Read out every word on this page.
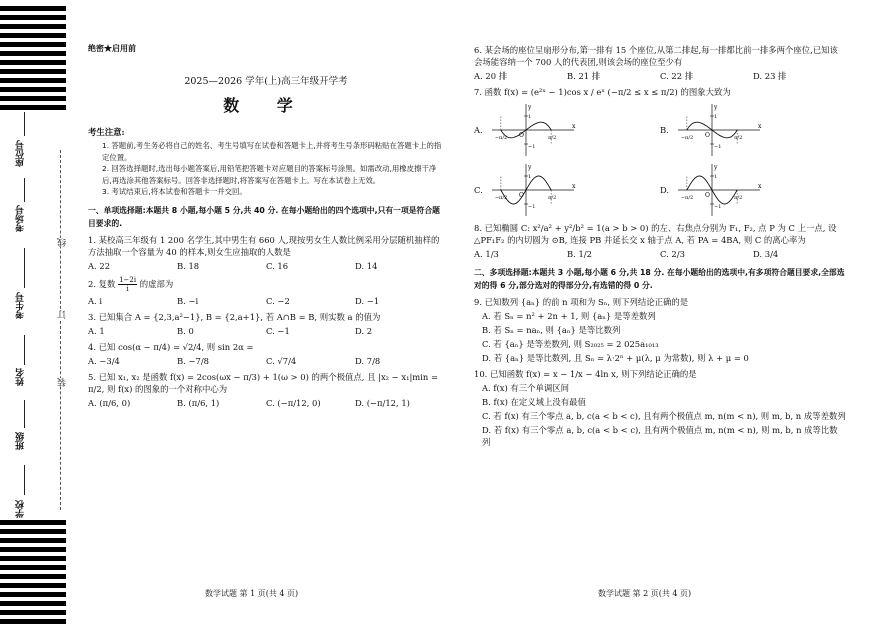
座位号
考场号
考生号
姓名
班级
学校
线
订
装
绝密★启用前
2025—2026 学年(上)高三年级开学考
数 学
考生注意:
1. 答题前,考生务必将自己的姓名、考生号填写在试卷和答题卡上,并将考生号条形码粘贴在答题卡上的指定位置。
2. 回答选择题时,选出每小题答案后,用铅笔把答题卡对应题目的答案标号涂黑。如需改动,用橡皮擦干净后,再选涂其他答案标号。回答非选择题时,将答案写在答题卡上。写在本试卷上无效。
3. 考试结束后,将本试卷和答题卡一并交回。
一、单项选择题:本题共 8 小题,每小题 5 分,共 40 分. 在每小题给出的四个选项中,只有一项是符合题目要求的.
1. 某校高三年级有 1 200 名学生,其中男生有 660 人,现按男女生人数比例采用分层随机抽样的方法抽取一个容量为 40 的样本,则女生应抽取的人数是
A. 22	B. 18	C. 16	D. 14
2. 复数 $\frac{1-2i}{i}$ 的虚部为
A. i	B. −i	C. −2	D. −1
3. 已知集合 A = {2,3,a²−1}, B = {2,a+1}, 若 A∩B = B, 则实数 a 的值为
A. 1	B. 0	C. −1	D. 2
4. 已知 cos(α − π/4) = √2/4, 则 sin 2α =
A. −3/4	B. −7/8	C. √7/4	D. 7/8
5. 已知 x₁, x₂ 是函数 f(x) = 2cos(ωx − π/3) + 1(ω > 0) 的两个极值点, 且 |x₂ − x₁|min = π/2, 则 f(x) 的图象的一个对称中心为
A. (π/6, 0)	B. (π/6, 1)	C. (−π/12, 0)	D. (−π/12, 1)
6. 某会场的座位呈扇形分布,第一排有 15 个座位,从第二排起,每一排都比前一排多两个座位,已知该会场能容纳一个 700 人的代表团,则该会场的座位至少有
A. 20 排	B. 21 排	C. 22 排	D. 23 排
7. 函数 f(x) = (e²ˣ − 1)cos x / eˣ (−π/2 ≤ x ≤ π/2) 的图象大致为
A.	x
y
O
−π/2	π/2
1
−1
B.	x
y
O
−π/2	π/2
1
−1
C.	x
y
O
−π/2	π/2
1
−1
D.	x
y
O
−π/2	π/2
1
−1
8. 已知椭圆 C: x²/a² + y²/b² = 1(a > b > 0) 的左、右焦点分别为 F₁, F₂, 点 P 为 C 上一点, 设 △PF₁F₂ 的内切圆为 ⊙B, 连接 PB 并延长交 x 轴于点 A, 若 PA = 4BA, 则 C 的离心率为
A. 1/3	B. 1/2	C. 2/3	D. 3/4
二、多项选择题:本题共 3 小题,每小题 6 分,共 18 分. 在每小题给出的选项中,有多项符合题目要求,全部选对的得 6 分,部分选对的得部分分,有选错的得 0 分.
9. 已知数列 {aₙ} 的前 n 项和为 Sₙ, 则下列结论正确的是
A. 若 Sₙ = n² + 2n + 1, 则 {aₙ} 是等差数列
B. 若 Sₙ = naₙ, 则 {aₙ} 是等比数列
C. 若 {aₙ} 是等差数列, 则 S₂₀₂₅ = 2 025a₁₀₁₃
D. 若 {aₙ} 是等比数列, 且 Sₙ = λ·2ⁿ + μ(λ, μ 为常数), 则 λ + μ = 0
10. 已知函数 f(x) = x − 1/x − 4ln x, 则下列结论正确的是
A. f(x) 有三个单调区间
B. f(x) 在定义域上没有最值
C. 若 f(x) 有三个零点 a, b, c(a < b < c), 且有两个极值点 m, n(m < n), 则 m, b, n 成等差数列
D. 若 f(x) 有三个零点 a, b, c(a < b < c), 且有两个极值点 m, n(m < n), 则 m, b, n 成等比数列
数学试题 第 1 页(共 4 页)	数学试题 第 2 页(共 4 页)
